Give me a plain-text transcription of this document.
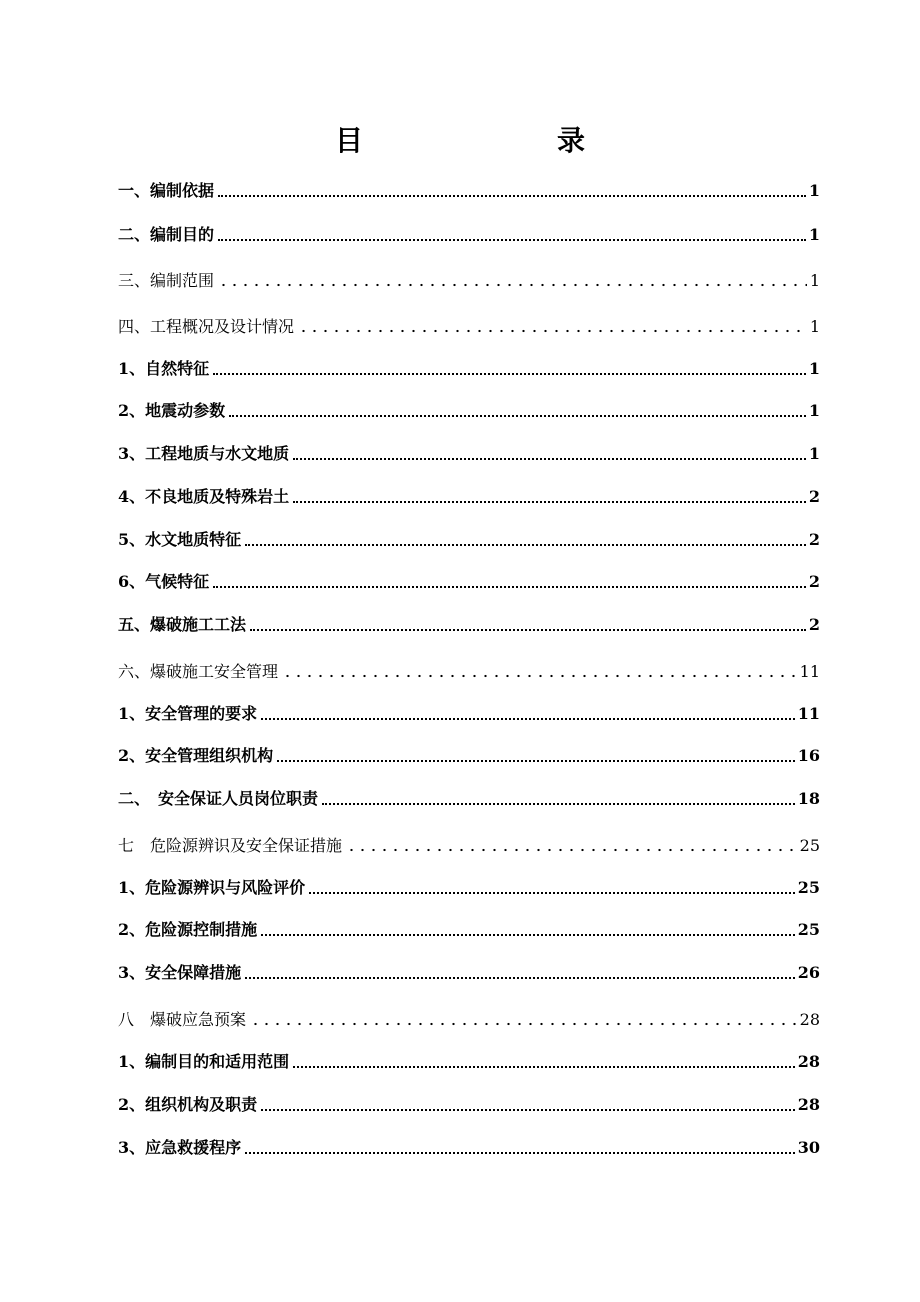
目　　录
一、编制依据	1
二、编制目的	1
三、编制范围	1
四、工程概况及设计情况	1
1、自然特征	1
2、地震动参数	1
3、工程地质与水文地质	1
4、不良地质及特殊岩土	2
5、水文地质特征	2
6、气候特征	2
五、爆破施工工法	2
六、爆破施工安全管理	11
1、安全管理的要求	11
2、安全管理组织机构	16
二、　安全保证人员岗位职责	18
七　危险源辨识及安全保证措施	25
1、危险源辨识与风险评价	25
2、危险源控制措施	25
3、安全保障措施	26
八　爆破应急预案	28
1、编制目的和适用范围	28
2、组织机构及职责	28
3、应急救援程序	30
